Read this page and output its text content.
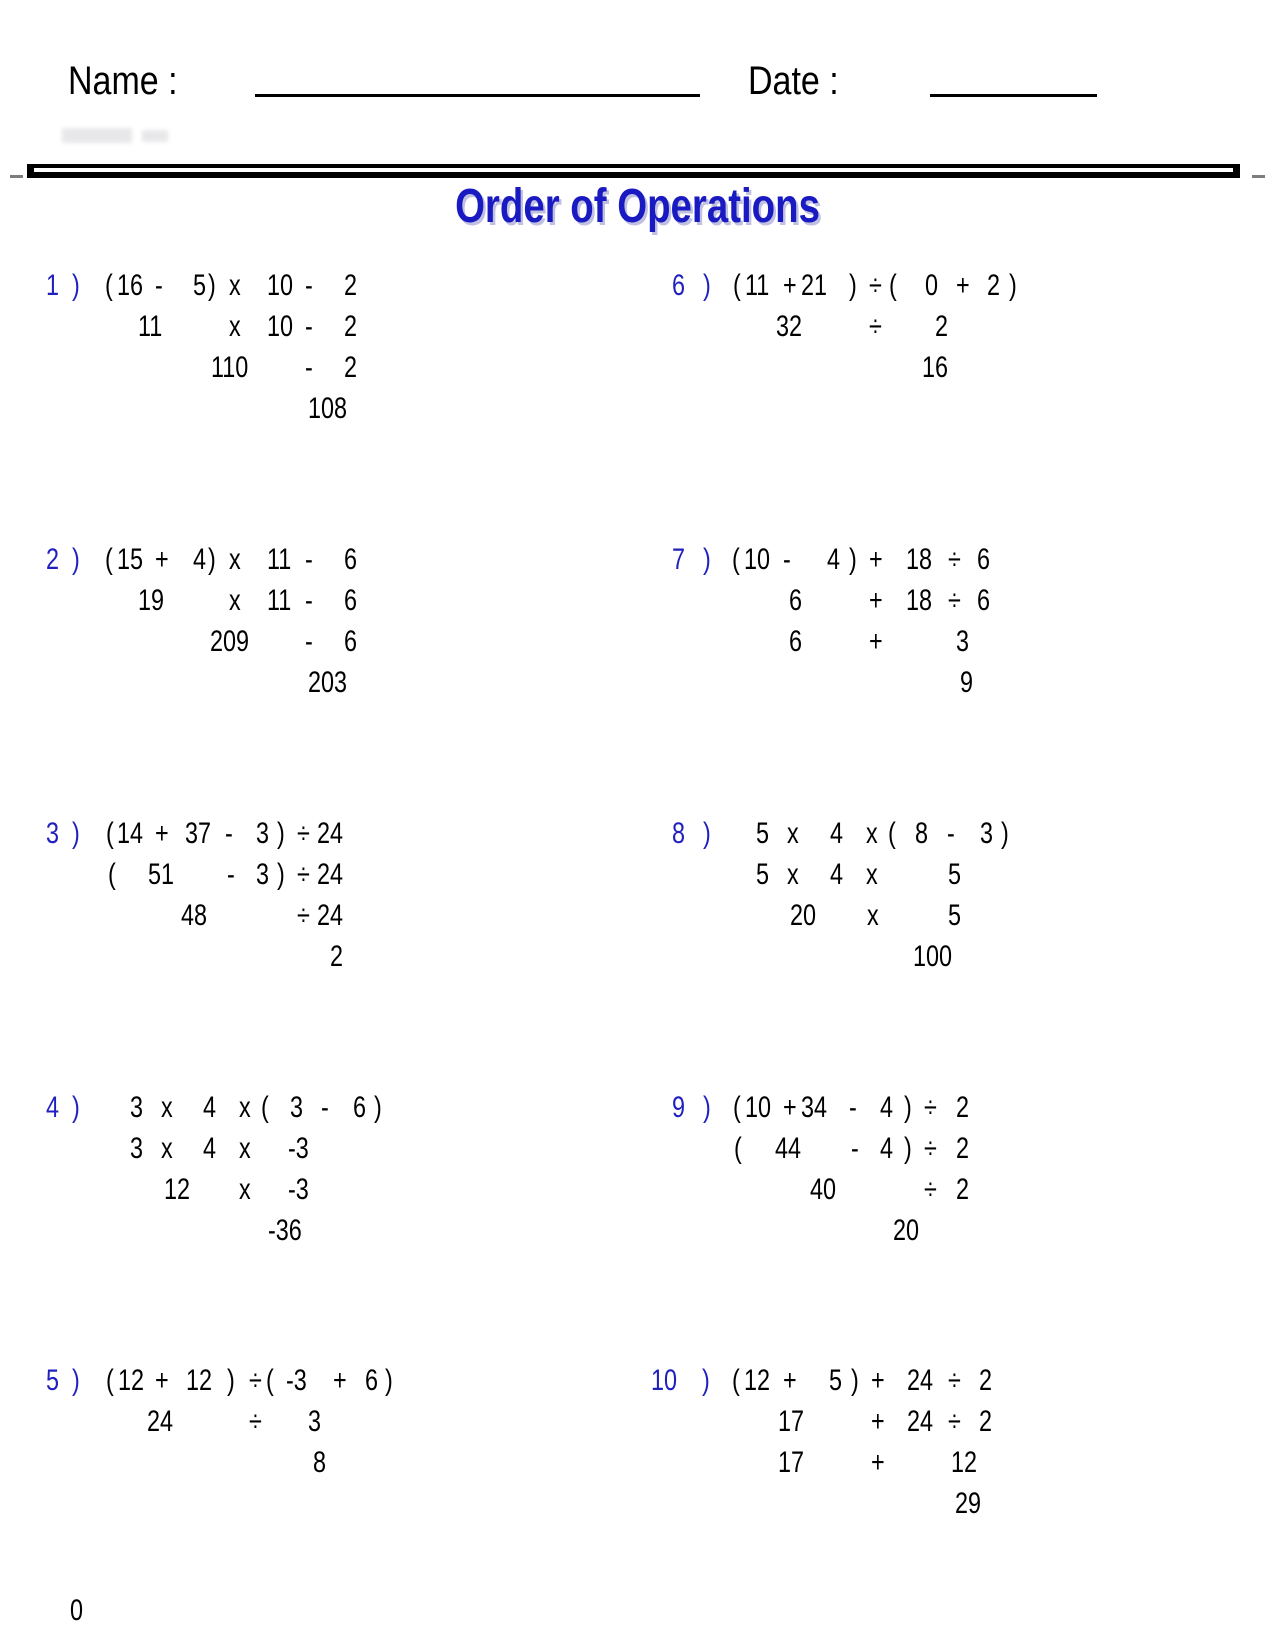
Name :	Date :
Order of Operations
1 ) ( 16 - 5 ) x 10 - 2
11 x 10 - 2
110 - 2
108
2 ) ( 15 + 4 ) x 11 - 6
19 x 11 - 6
209 - 6
203
3 ) ( 14 + 37 - 3 ) ÷ 24
( 51 - 3 ) ÷ 24
48	÷ 24
2
4 ) 3 x 4 x ( 3 - 6 )
3 x 4 x -3
12 x -3
-36
5 ) ( 12 + 12 ) ÷ ( -3 + 6 )
24	÷ 3
8
6 ) ( 11 + 21 ) ÷ ( 0 + 2 )
32 ÷ 2
16
7 ) ( 10 - 4 ) + 18 ÷ 6
6 + 18 ÷ 6
6 + 3
9
8 ) 5 x 4 x ( 8 - 3 )
5 x 4 x 5
20 x 5
100
9 ) ( 10 + 34 - 4 ) ÷ 2
( 44 - 4 ) ÷ 2
40	÷ 2
20
10 ) ( 12 + 5 ) + 24 ÷ 2
17 + 24 ÷ 2
17 + 12
29
0
